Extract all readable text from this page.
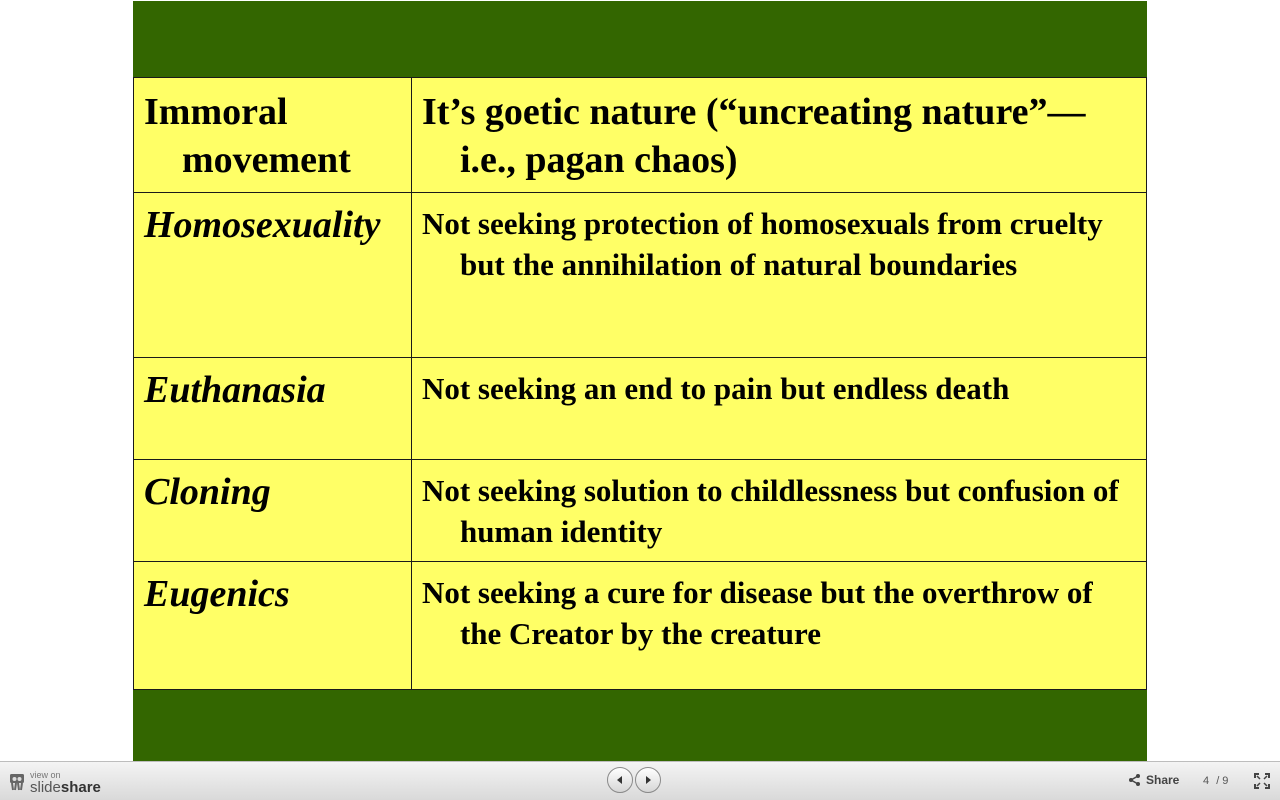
Immoral movement	It’s goetic nature (“uncreating nature”—i.e., pagan chaos)

Homosexuality	Not seeking protection of homosexuals from cruelty but the annihilation of natural boundaries

Euthanasia	Not seeking an end to pain but endless death

Cloning	Not seeking solution to childlessness but confusion of human identity

Eugenics	Not seeking a cure for disease but the overthrow of the Creator by the creature
view on
slideshare	Share 4 / 9
